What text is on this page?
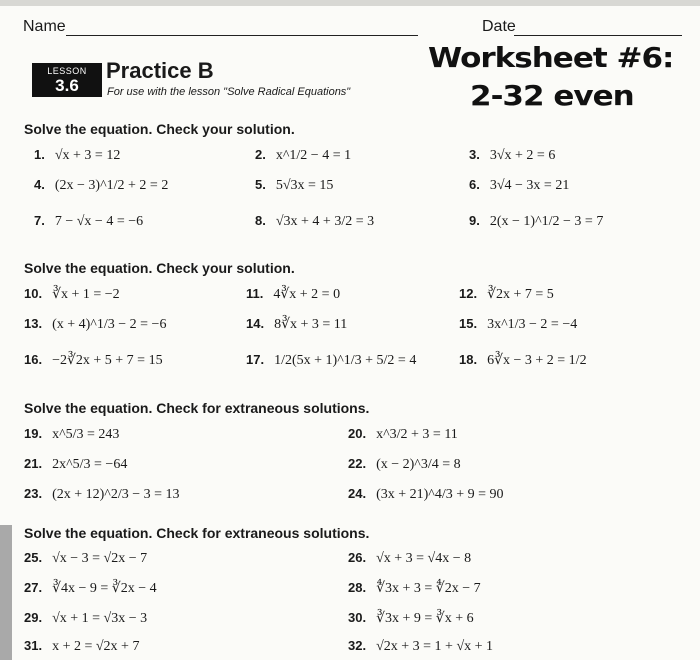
Name	Date
LESSON
3.6
Practice B
For use with the lesson "Solve Radical Equations"
Worksheet #6:
2-32 even
Solve the equation. Check your solution.
Solve the equation. Check your solution.
Solve the equation. Check for extraneous solutions.
Solve the equation. Check for extraneous solutions.
1. √x + 3 = 12	2. x^1/2 − 4 = 1	3. 3√x + 2 = 6
4. (2x − 3)^1/2 + 2 = 2	5. 5√3x = 15	6. 3√4 − 3x = 21
7. 7 − √x − 4 = −6	8. √3x + 4 + 3/2 = 3	9. 2(x − 1)^1/2 − 3 = 7
10. ∛x + 1 = −2	11. 4∛x + 2 = 0	12. ∛2x + 7 = 5
13. (x + 4)^1/3 − 2 = −6	14. 8∛x + 3 = 11	15. 3x^1/3 − 2 = −4
16. −2∛2x + 5 + 7 = 15	17. 1/2(5x + 1)^1/3 + 5/2 = 4	18. 6∛x − 3 + 2 = 1/2
19. x^5/3 = 243	20. x^3/2 + 3 = 11
21. 2x^5/3 = −64	22. (x − 2)^3/4 = 8
23. (2x + 12)^2/3 − 3 = 13	24. (3x + 21)^4/3 + 9 = 90
25. √x − 3 = √2x − 7	26. √x + 3 = √4x − 8
27. ∛4x − 9 = ∛2x − 4	28. ∜3x + 3 = ∜2x − 7
29. √x + 1 = √3x − 3	30. ∛3x + 9 = ∛x + 6
31. x + 2 = √2x + 7	32. √2x + 3 = 1 + √x + 1
